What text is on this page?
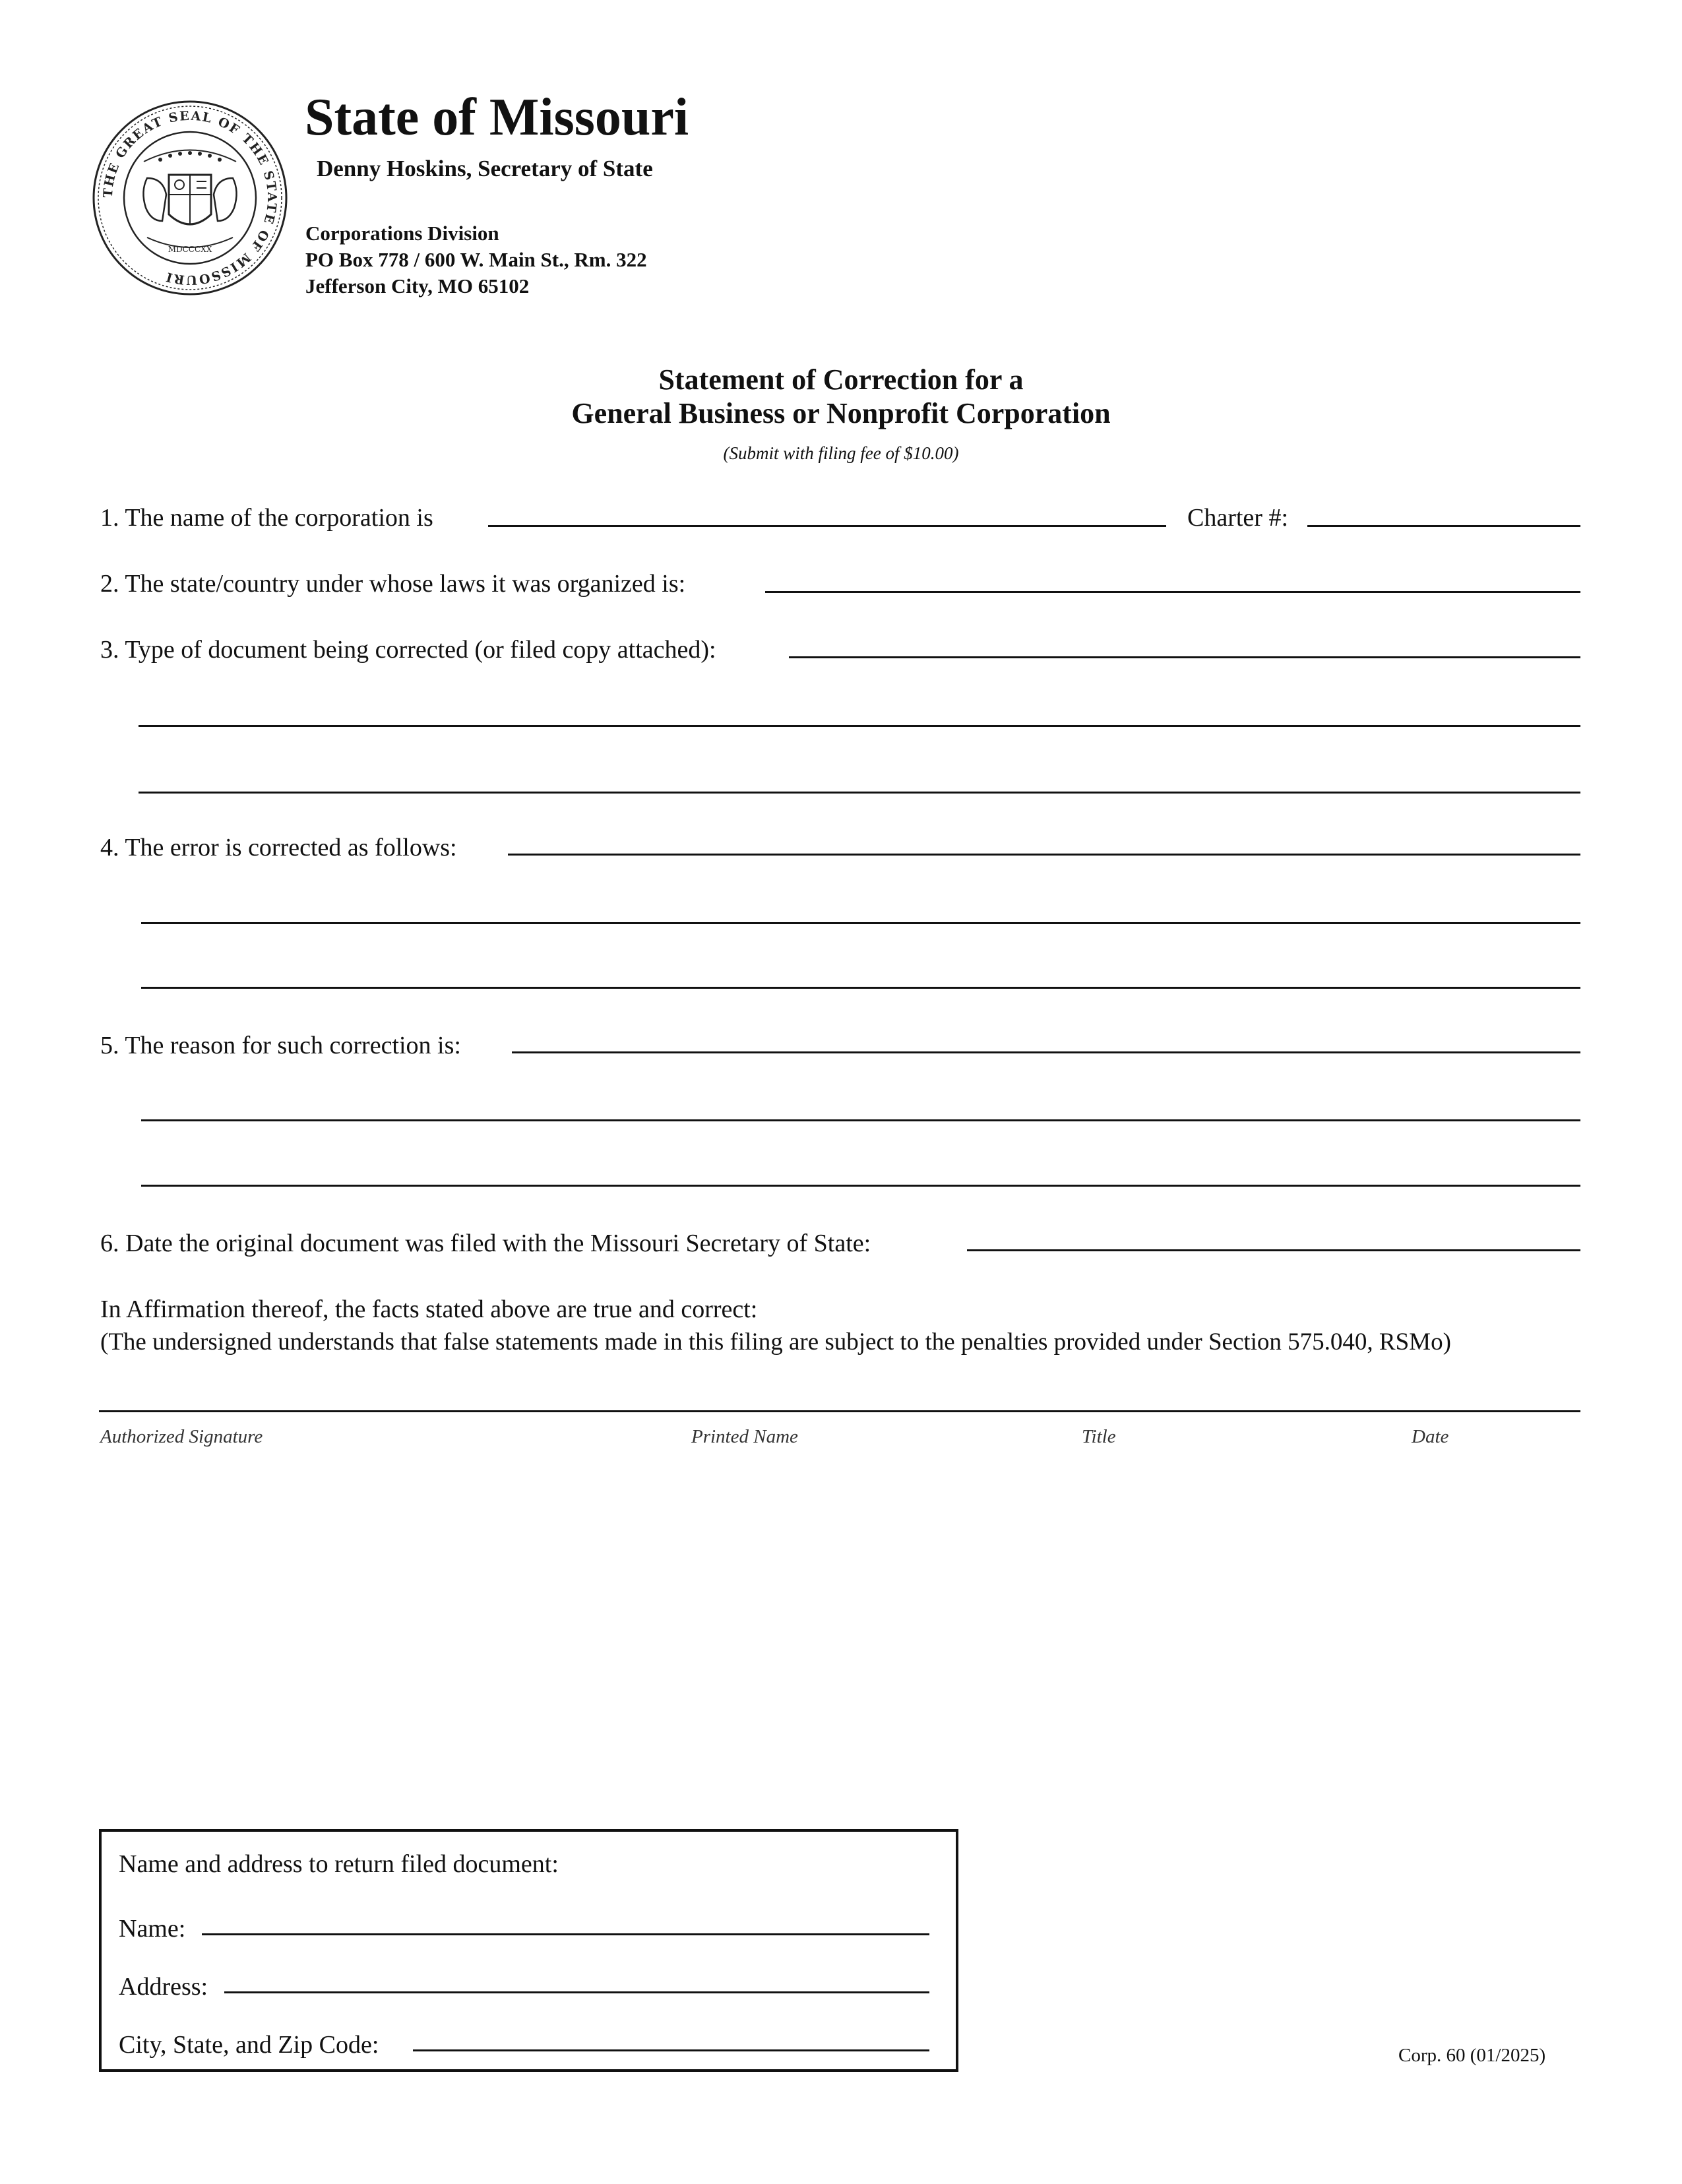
THE GREAT SEAL OF THE STATE OF MISSOURI
MDCCCXX
State of Missouri
Denny Hoskins, Secretary of State
Corporations Division
PO Box 778 / 600 W. Main St., Rm. 322
Jefferson City, MO 65102
Statement of Correction for a
General Business or Nonprofit Corporation
(Submit with filing fee of $10.00)
1. The name of the corporation is	Charter #:
2. The state/country under whose laws it was organized is:
3. Type of document being corrected (or filed copy attached):
4. The error is corrected as follows:
5. The reason for such correction is:
6. Date the original document was filed with the Missouri Secretary of State:
In Affirmation thereof, the facts stated above are true and correct:
(The undersigned understands that false statements made in this filing are subject to the penalties provided under Section 575.040, RSMo)
Authorized Signature	Printed Name	Title	Date
Name and address to return filed document:
Name:
Address:
City, State, and Zip Code:	Corp. 60 (01/2025)
